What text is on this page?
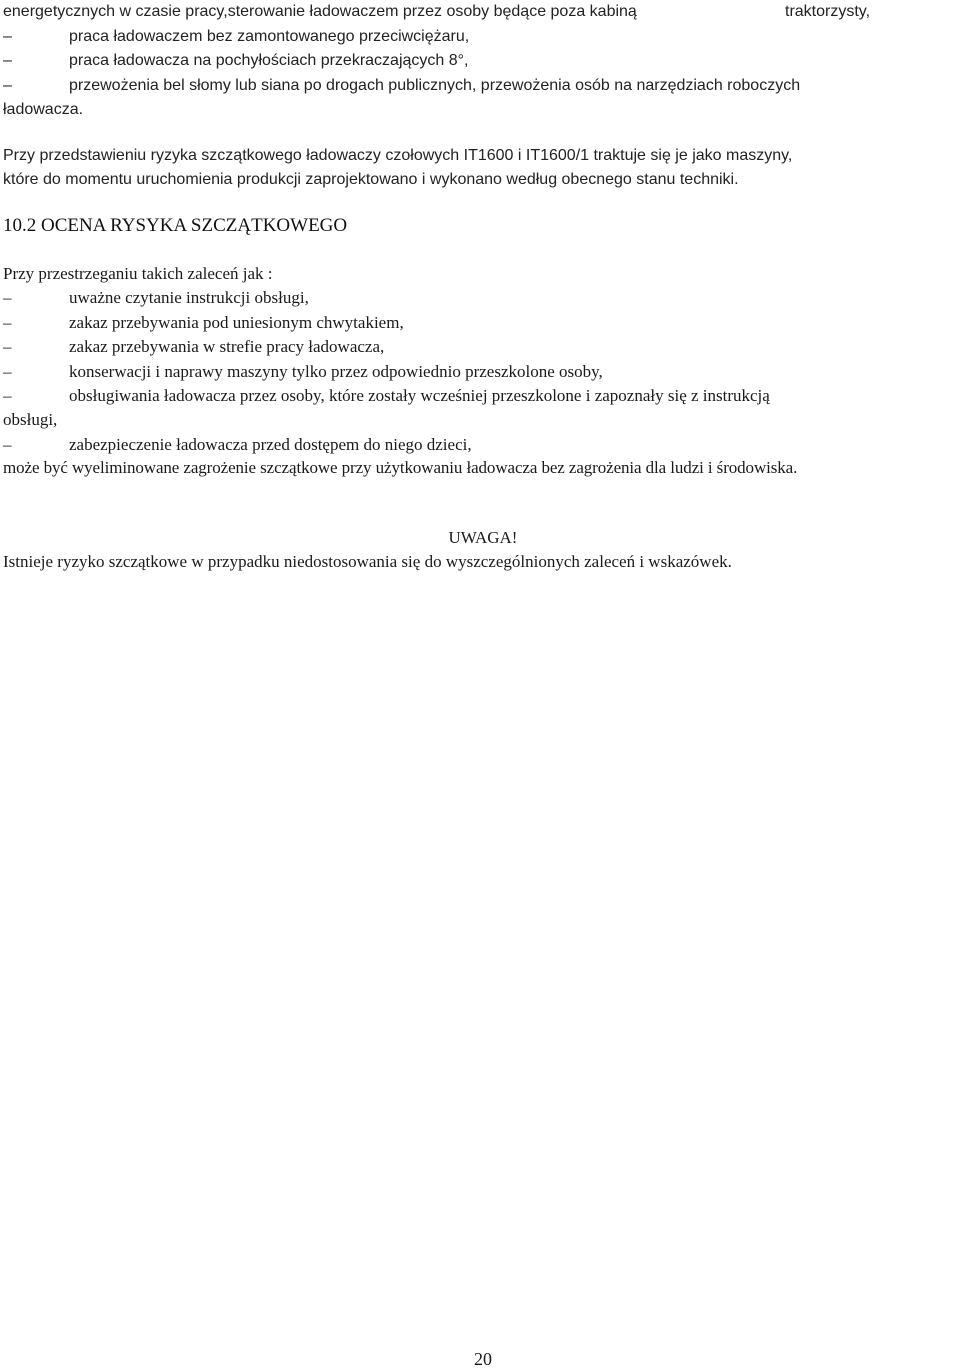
energetycznych w czasie pracy,sterowanie ładowaczem przez osoby będące poza kabiną	traktorzysty,
–	praca ładowaczem bez zamontowanego przeciwciężaru,
–	praca ładowacza na pochyłościach przekraczających 8°,
–	przewożenia bel słomy lub siana po drogach publicznych, przewożenia osób na narzędziach roboczych
ładowacza.
Przy przedstawieniu ryzyka szczątkowego ładowaczy czołowych IT1600 i IT1600/1 traktuje się je jako maszyny,
które do momentu uruchomienia produkcji zaprojektowano i wykonano według obecnego stanu techniki.
10.2 OCENA RYSYKA SZCZĄTKOWEGO
Przy przestrzeganiu takich zaleceń jak :
–	uważne czytanie instrukcji obsługi,
–	zakaz przebywania pod uniesionym chwytakiem,
–	zakaz przebywania w strefie pracy ładowacza,
–	konserwacji i naprawy maszyny tylko przez odpowiednio przeszkolone osoby,
–	obsługiwania ładowacza przez osoby, które zostały wcześniej przeszkolone i zapoznały się z instrukcją
obsługi,
–	zabezpieczenie ładowacza przed dostępem do niego dzieci,
może być wyeliminowane zagrożenie szczątkowe przy użytkowaniu ładowacza bez zagrożenia dla ludzi i środowiska.
UWAGA!
Istnieje ryzyko szczątkowe w przypadku niedostosowania się do wyszczególnionych zaleceń i wskazówek.
20
